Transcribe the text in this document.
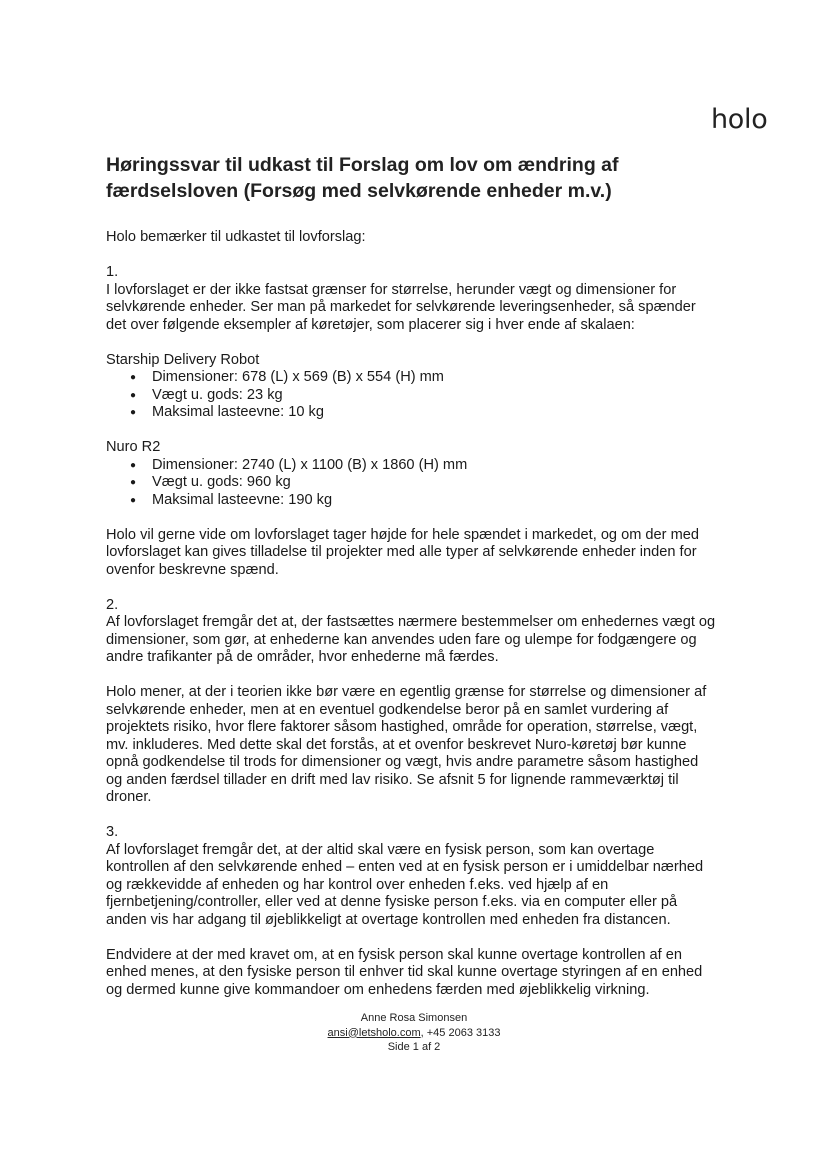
holo
Høringssvar til udkast til Forslag om lov om ændring af færdselsloven (Forsøg med selvkørende enheder m.v.)

Holo bemærker til udkastet til lovforslag:

1.

I lovforslaget er der ikke fastsat grænser for størrelse, herunder vægt og dimensioner for selvkørende enheder. Ser man på markedet for selvkørende leveringsenheder, så spænder det over følgende eksempler af køretøjer, som placerer sig i hver ende af skalaen:

Starship Delivery Robot

● Dimensioner: 678 (L) x 569 (B) x 554 (H) mm
● Vægt u. gods: 23 kg
● Maksimal lasteevne: 10 kg

Nuro R2

● Dimensioner: 2740 (L) x 1100 (B) x 1860 (H) mm
● Vægt u. gods: 960 kg
● Maksimal lasteevne: 190 kg

Holo vil gerne vide om lovforslaget tager højde for hele spændet i markedet, og om der med lovforslaget kan gives tilladelse til projekter med alle typer af selvkørende enheder inden for ovenfor beskrevne spænd.

2.

Af lovforslaget fremgår det at, der fastsættes nærmere bestemmelser om enhedernes vægt og dimensioner, som gør, at enhederne kan anvendes uden fare og ulempe for fodgængere og andre trafikanter på de områder, hvor enhederne må færdes.

Holo mener, at der i teorien ikke bør være en egentlig grænse for størrelse og dimensioner af selvkørende enheder, men at en eventuel godkendelse beror på en samlet vurdering af projektets risiko, hvor flere faktorer såsom hastighed, område for operation, størrelse, vægt, mv. inkluderes. Med dette skal det forstås, at et ovenfor beskrevet Nuro-køretøj bør kunne opnå godkendelse til trods for dimensioner og vægt, hvis andre parametre såsom hastighed og anden færdsel tillader en drift med lav risiko. Se afsnit 5 for lignende rammeværktøj til droner.

3.

Af lovforslaget fremgår det, at der altid skal være en fysisk person, som kan overtage kontrollen af den selvkørende enhed – enten ved at en fysisk person er i umiddelbar nærhed og rækkevidde af enheden og har kontrol over enheden f.eks. ved hjælp af en fjernbetjening/controller, eller ved at denne fysiske person f.eks. via en computer eller på anden vis har adgang til øjeblikkeligt at overtage kontrollen med enheden fra distancen.

Endvidere at der med kravet om, at en fysisk person skal kunne overtage kontrollen af en enhed menes, at den fysiske person til enhver tid skal kunne overtage styringen af en enhed og dermed kunne give kommandoer om enhedens færden med øjeblikkelig virkning.

Anne Rosa Simonsen
ansi@letsholo.com, +45 2063 3133
Side 1 af 2
